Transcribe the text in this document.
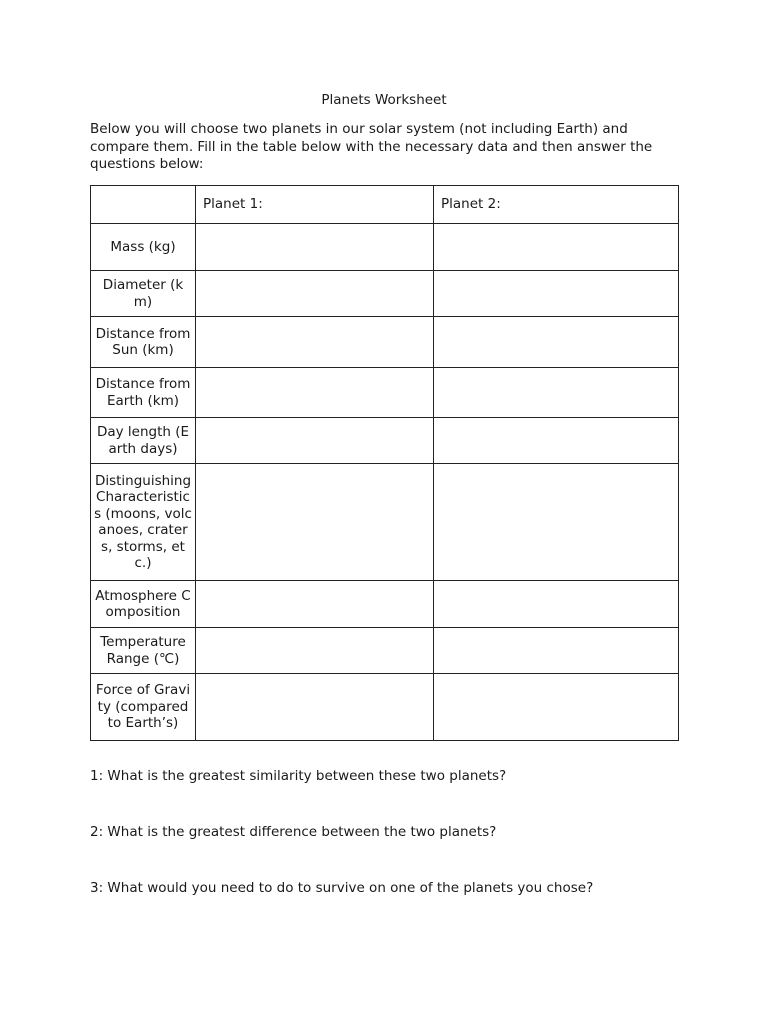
Planets Worksheet

Below you will choose two planets in our solar system (not including Earth) and compare them. Fill in the table below with the necessary data and then answer the questions below:

	Planet 1:	Planet 2:
Mass (kg)		
Diameter (km)		
Distance from Sun (km)		
Distance from Earth (km)		
Day length (Earth days)		
Distinguishing Characteristics (moons, volcanoes, craters, storms, etc.)		
Atmosphere Composition		
Temperature Range (℃)		
Force of Gravity (compared to Earth’s)		

1: What is the greatest similarity between these two planets?

2: What is the greatest difference between the two planets?

3: What would you need to do to survive on one of the planets you chose?
